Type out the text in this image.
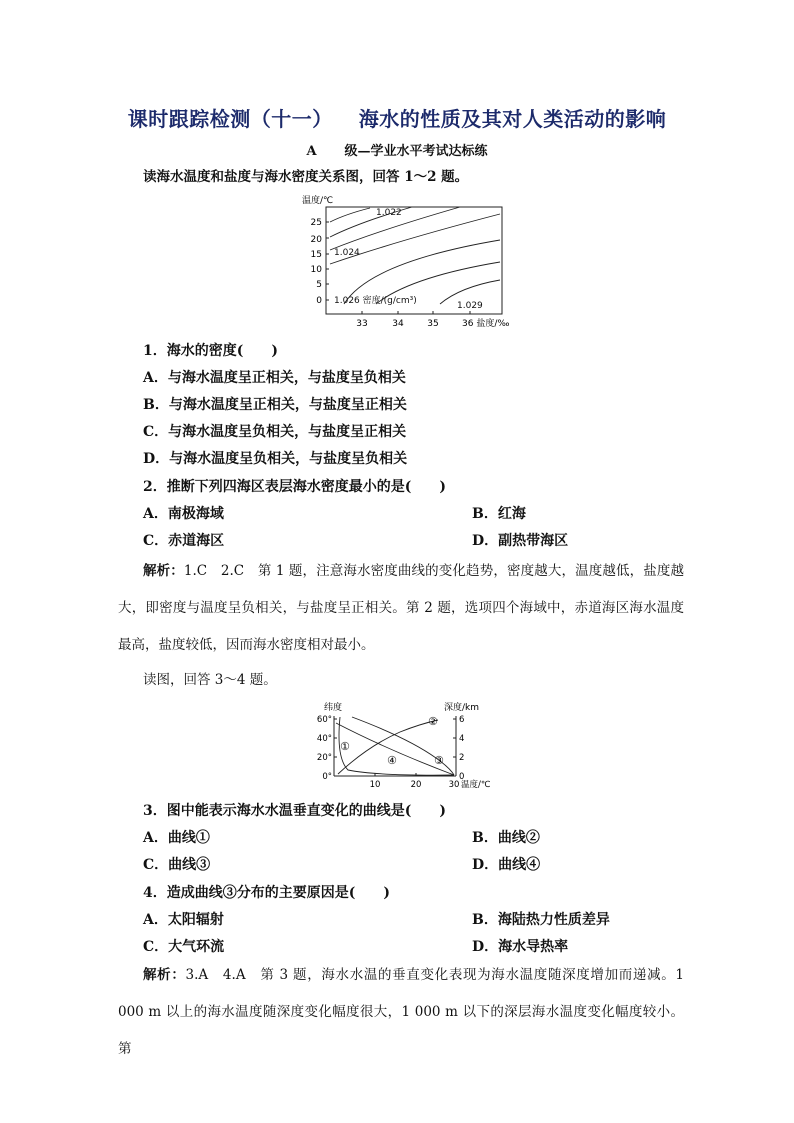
课时跟踪检测（十一） 海水的性质及其对人类活动的影响
A 级—学业水平考试达标练
读海水温度和盐度与海水密度关系图，回答 1～2 题。
温度/℃
25
20
15
10
5
0
1.022
1.024
1.026 密度/(g/cm³)	1.029
33	34	35	36 盐度/‰
1．海水的密度(　　)
A．与海水温度呈正相关，与盐度呈负相关
B．与海水温度呈正相关，与盐度呈正相关
C．与海水温度呈负相关，与盐度呈正相关
D．与海水温度呈负相关，与盐度呈负相关
2．推断下列四海区表层海水密度最小的是(　　)
A．南极海域	B．红海
C．赤道海区	D．副热带海区
解析：1.C　2.C　第 1 题，注意海水密度曲线的变化趋势，密度越大，温度越低，盐度越大，即密度与温度呈负相关，与盐度呈正相关。第 2 题，选项四个海域中，赤道海区海水温度最高，盐度较低，因而海水密度相对最小。
读图，回答 3～4 题。
纬度	深度/km
60°
40°
20°
0°
6
4
2
0
①
②
③
④
10	20	30 温度/℃
3．图中能表示海水水温垂直变化的曲线是(　　)
A．曲线①	B．曲线②
C．曲线③	D．曲线④
4．造成曲线③分布的主要原因是(　　)
A．太阳辐射	B．海陆热力性质差异
C．大气环流	D．海水导热率
解析：3.A　4.A　第 3 题，海水水温的垂直变化表现为海水温度随深度增加而递减。1 000 m 以上的海水温度随深度变化幅度很大，1 000 m 以下的深层海水温度变化幅度较小。第
